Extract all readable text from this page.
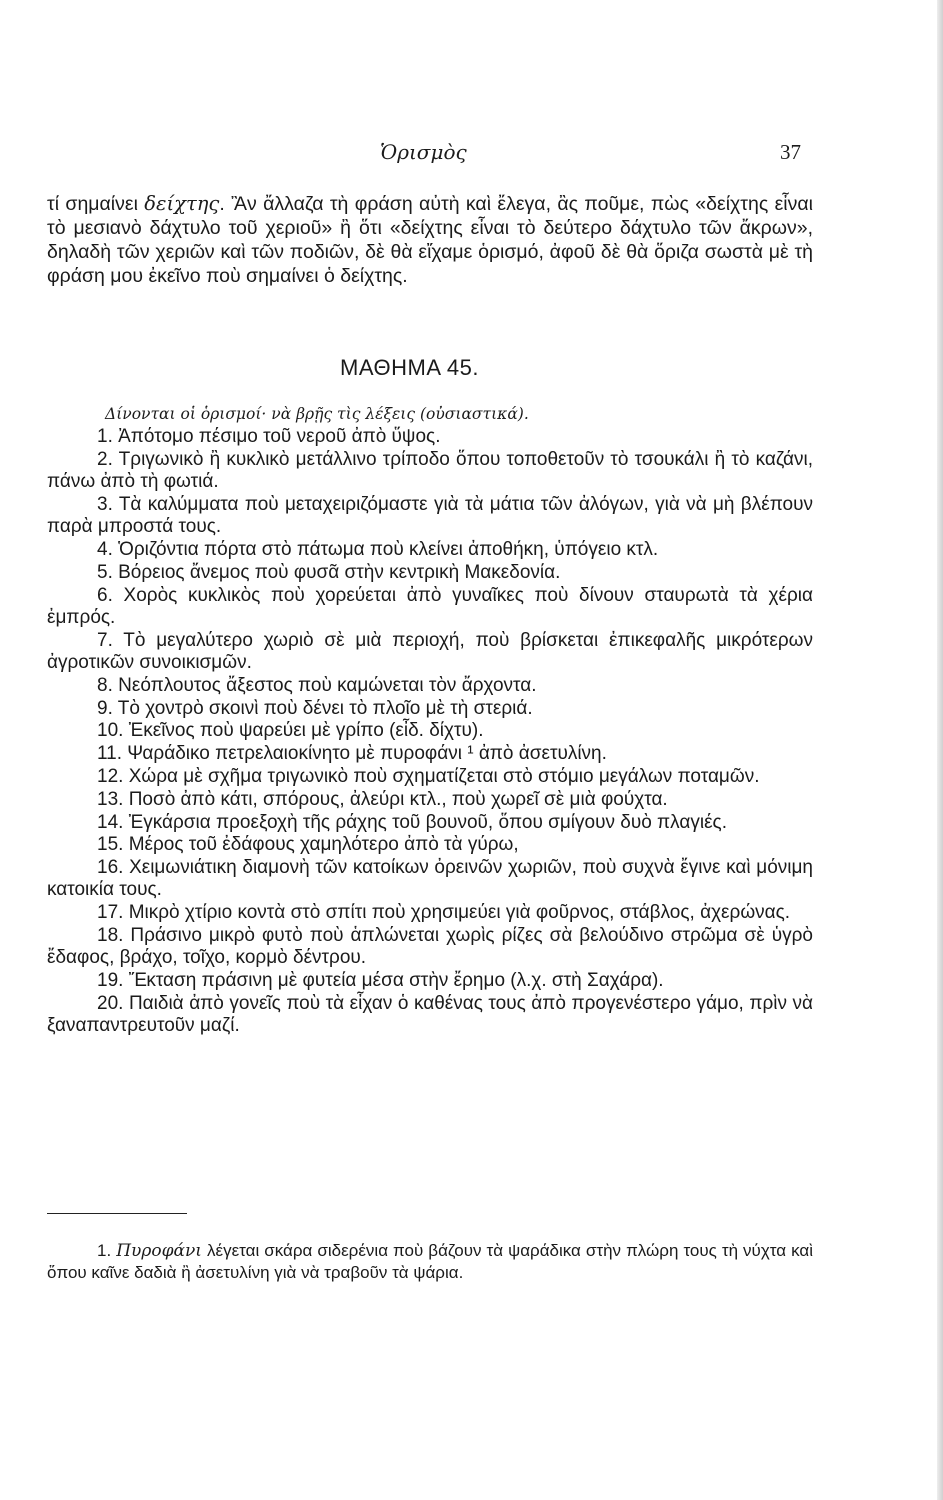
Ὁρισμὸς	37

τί σημαίνει δείχτης. Ἂν ἄλλαζα τὴ φράση αὐτὴ καὶ ἔλεγα, ἂς ποῦμε, πὼς «δείχτης εἶναι τὸ μεσιανὸ δάχτυλο τοῦ χεριοῦ» ἢ ὅτι «δείχτης εἶναι τὸ δεύτερο δάχτυλο τῶν ἄκρων», δηλαδὴ τῶν χεριῶν καὶ τῶν ποδιῶν, δὲ θὰ εἴχαμε ὁρισμό, ἀφοῦ δὲ θὰ ὅριζα σωστὰ μὲ τὴ φράση μου ἐκεῖνο ποὺ σημαίνει ὁ δείχτης.

ΜΑΘΗΜΑ 45.
Δίνονται οἱ ὁρισμοί· νὰ βρῇς τὶς λέξεις (οὐσιαστικά).

1. Ἀπότομο πέσιμο τοῦ νεροῦ ἀπὸ ὕψος.

2. Τριγωνικὸ ἢ κυκλικὸ μετάλλινο τρίποδο ὅπου τοποθετοῦν τὸ τσουκάλι ἢ τὸ καζάνι, πάνω ἀπὸ τὴ φωτιά.

3. Τὰ καλύμματα ποὺ μεταχειριζόμαστε γιὰ τὰ μάτια τῶν ἀλόγων, γιὰ νὰ μὴ βλέπουν παρὰ μπροστά τους.

4. Ὁριζόντια πόρτα στὸ πάτωμα ποὺ κλείνει ἀποθήκη, ὑπόγειο κτλ.

5. Βόρειος ἄνεμος ποὺ φυσᾶ στὴν κεντρικὴ Μακεδονία.

6. Χορὸς κυκλικὸς ποὺ χορεύεται ἀπὸ γυναῖκες ποὺ δίνουν σταυρωτὰ τὰ χέρια ἐμπρός.

7. Τὸ μεγαλύτερο χωριὸ σὲ μιὰ περιοχή, ποὺ βρίσκεται ἐπικεφαλῆς μικρότερων ἀγροτικῶν συνοικισμῶν.

8. Νεόπλουτος ἄξεστος ποὺ καμώνεται τὸν ἄρχοντα.

9. Τὸ χοντρὸ σκοινὶ ποὺ δένει τὸ πλοῖο μὲ τὴ στεριά.

10. Ἐκεῖνος ποὺ ψαρεύει μὲ γρίπο (εἶδ. δίχτυ).

11. Ψαράδικο πετρελαιοκίνητο μὲ πυροφάνι ¹ ἀπὸ ἀσετυλίνη.

12. Χώρα μὲ σχῆμα τριγωνικὸ ποὺ σχηματίζεται στὸ στόμιο μεγάλων ποταμῶν.

13. Ποσὸ ἀπὸ κάτι, σπόρους, ἀλεύρι κτλ., ποὺ χωρεῖ σὲ μιὰ φούχτα.

14. Ἐγκάρσια προεξοχὴ τῆς ράχης τοῦ βουνοῦ, ὅπου σμίγουν δυὸ πλαγιές.

15. Μέρος τοῦ ἐδάφους χαμηλότερο ἀπὸ τὰ γύρω,

16. Χειμωνιάτικη διαμονὴ τῶν κατοίκων ὀρεινῶν χωριῶν, ποὺ συχνὰ ἔγινε καὶ μόνιμη κατοικία τους.

17. Μικρὸ χτίριο κοντὰ στὸ σπίτι ποὺ χρησιμεύει γιὰ φοῦρνος, στάβλος, ἀχερώνας.

18. Πράσινο μικρὸ φυτὸ ποὺ ἁπλώνεται χωρὶς ρίζες σὰ βελούδινο στρῶμα σὲ ὑγρὸ ἔδαφος, βράχο, τοῖχο, κορμὸ δέντρου.

19. Ἔκταση πράσινη μὲ φυτεία μέσα στὴν ἔρημο (λ.χ. στὴ Σαχάρα).

20. Παιδιὰ ἀπὸ γονεῖς ποὺ τὰ εἶχαν ὁ καθένας τους ἀπὸ προγενέστερο γάμο, πρὶν νὰ ξαναπαντρευτοῦν μαζί.

1. Πυροφάνι λέγεται σκάρα σιδερένια ποὺ βάζουν τὰ ψαράδικα στὴν πλώρη τους τὴ νύχτα καὶ ὅπου καῖνε δαδιὰ ἢ ἀσετυλίνη γιὰ νὰ τραβοῦν τὰ ψάρια.
